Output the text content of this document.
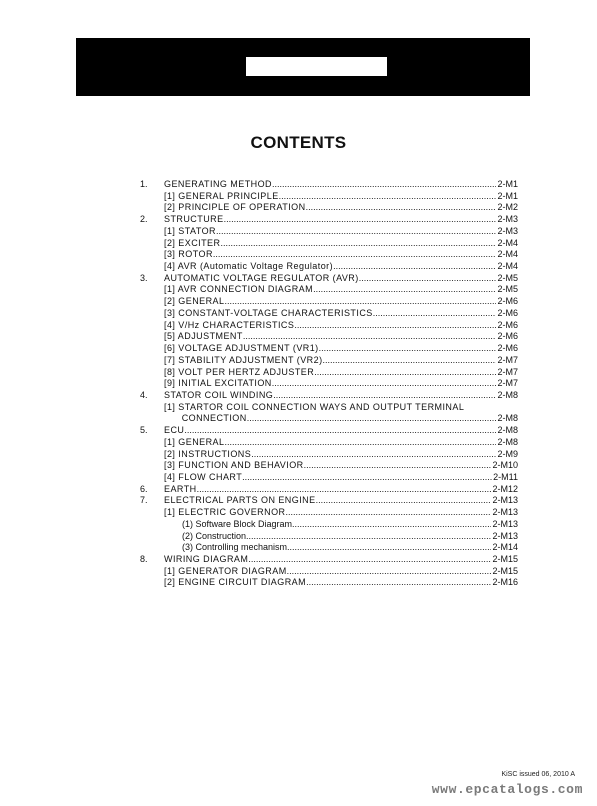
CONTENTS
1. GENERATING METHOD .....	2-M1
[1] GENERAL PRINCIPLE .....	2-M1
[2] PRINCIPLE OF OPERATION .....	2-M2
2. STRUCTURE .....	2-M3
[1] STATOR .....	2-M3
[2] EXCITER .....	2-M4
[3] ROTOR .....	2-M4
[4] AVR (Automatic Voltage Regulator) .....	2-M4
3. AUTOMATIC VOLTAGE REGULATOR (AVR) .....	2-M5
[1] AVR CONNECTION DIAGRAM .....	2-M5
[2] GENERAL .....	2-M6
[3] CONSTANT-VOLTAGE CHARACTERISTICS .....	2-M6
[4] V/Hz CHARACTERISTICS .....	2-M6
[5] ADJUSTMENT .....	2-M6
[6] VOLTAGE ADJUSTMENT (VR1) .....	2-M6
[7] STABILITY ADJUSTMENT (VR2) .....	2-M7
[8] VOLT PER HERTZ ADJUSTER .....	2-M7
[9] INITIAL EXCITATION .....	2-M7
4. STATOR COIL WINDING .....	2-M8
[1] STARTOR COIL CONNECTION WAYS AND OUTPUT TERMINAL
CONNECTION .....	2-M8
5. ECU .....	2-M8
[1] GENERAL .....	2-M8
[2] INSTRUCTIONS .....	2-M9
[3] FUNCTION AND BEHAVIOR .....	2-M10
[4] FLOW CHART .....	2-M11
6. EARTH .....	2-M12
7. ELECTRICAL PARTS ON ENGINE .....	2-M13
[1] ELECTRIC GOVERNOR .....	2-M13
(1) Software Block Diagram .....	2-M13
(2) Construction .....	2-M13
(3) Controlling mechanism .....	2-M14
8. WIRING DIAGRAM .....	2-M15
[1] GENERATOR DIAGRAM .....	2-M15
[2] ENGINE CIRCUIT DIAGRAM .....	2-M16
KiSC issued 06, 2010 A
www.epcatalogs.com
